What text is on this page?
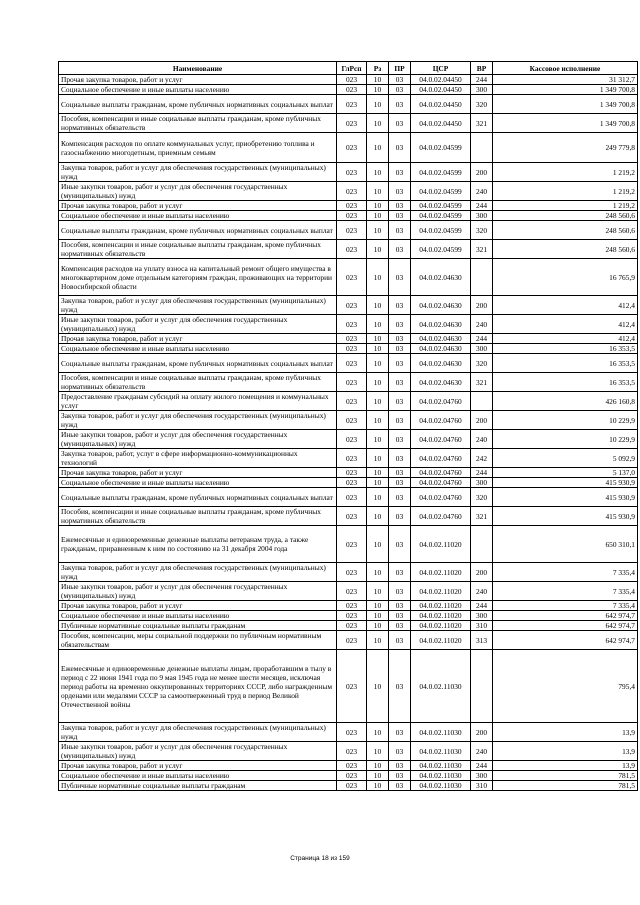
Наименование	ГлРсп	Рз	ПР	ЦСР	ВР	Кассовое исполнение
Прочая закупка товаров, работ и услуг	023	10	03	04.0.02.04450	244	31 312,7
Социальное обеспечение и иные выплаты населению	023	10	03	04.0.02.04450	300	1 349 700,8
Социальные выплаты гражданам, кроме публичных нормативных социальных выплат	023	10	03	04.0.02.04450	320	1 349 700,8
Пособия, компенсации и иные социальные выплаты гражданам, кроме публичных нормативных обязательств	023	10	03	04.0.02.04450	321	1 349 700,8
Компенсация расходов по оплате коммунальных услуг, приобретению топлива и газоснабжению многодетным, приемным семьям	023	10	03	04.0.02.04599		249 779,8
Закупка товаров, работ и услуг для обеспечения государственных (муниципальных) нужд	023	10	03	04.0.02.04599	200	1 219,2
Иные закупки товаров, работ и услуг для обеспечения государственных (муниципальных) нужд	023	10	03	04.0.02.04599	240	1 219,2
Прочая закупка товаров, работ и услуг	023	10	03	04.0.02.04599	244	1 219,2
Социальное обеспечение и иные выплаты населению	023	10	03	04.0.02.04599	300	248 560,6
Социальные выплаты гражданам, кроме публичных нормативных социальных выплат	023	10	03	04.0.02.04599	320	248 560,6
Пособия, компенсации и иные социальные выплаты гражданам, кроме публичных нормативных обязательств	023	10	03	04.0.02.04599	321	248 560,6
Компенсация расходов на уплату взноса на капитальный ремонт общего имущества в многоквартирном доме отдельным категориям граждан, проживающих на территории Новосибирской области	023	10	03	04.0.02.04630		16 765,9
Закупка товаров, работ и услуг для обеспечения государственных (муниципальных) нужд	023	10	03	04.0.02.04630	200	412,4
Иные закупки товаров, работ и услуг для обеспечения государственных (муниципальных) нужд	023	10	03	04.0.02.04630	240	412,4
Прочая закупка товаров, работ и услуг	023	10	03	04.0.02.04630	244	412,4
Социальное обеспечение и иные выплаты населению	023	10	03	04.0.02.04630	300	16 353,5
Социальные выплаты гражданам, кроме публичных нормативных социальных выплат	023	10	03	04.0.02.04630	320	16 353,5
Пособия, компенсации и иные социальные выплаты гражданам, кроме публичных нормативных обязательств	023	10	03	04.0.02.04630	321	16 353,5
Предоставление гражданам субсидий на оплату жилого помещения и коммунальных услуг	023	10	03	04.0.02.04760		426 160,8
Закупка товаров, работ и услуг для обеспечения государственных (муниципальных) нужд	023	10	03	04.0.02.04760	200	10 229,9
Иные закупки товаров, работ и услуг для обеспечения государственных (муниципальных) нужд	023	10	03	04.0.02.04760	240	10 229,9
Закупка товаров, работ, услуг в сфере информационно-коммуникационных технологий	023	10	03	04.0.02.04760	242	5 092,9
Прочая закупка товаров, работ и услуг	023	10	03	04.0.02.04760	244	5 137,0
Социальное обеспечение и иные выплаты населению	023	10	03	04.0.02.04760	300	415 930,9
Социальные выплаты гражданам, кроме публичных нормативных социальных выплат	023	10	03	04.0.02.04760	320	415 930,9
Пособия, компенсации и иные социальные выплаты гражданам, кроме публичных нормативных обязательств	023	10	03	04.0.02.04760	321	415 930,9
Ежемесячные и единовременные денежные выплаты ветеранам труда, а также гражданам, приравненным к ним по состоянию на 31 декабря 2004 года	023	10	03	04.0.02.11020		650 310,1
Закупка товаров, работ и услуг для обеспечения государственных (муниципальных) нужд	023	10	03	04.0.02.11020	200	7 335,4
Иные закупки товаров, работ и услуг для обеспечения государственных (муниципальных) нужд	023	10	03	04.0.02.11020	240	7 335,4
Прочая закупка товаров, работ и услуг	023	10	03	04.0.02.11020	244	7 335,4
Социальное обеспечение и иные выплаты населению	023	10	03	04.0.02.11020	300	642 974,7
Публичные нормативные социальные выплаты гражданам	023	10	03	04.0.02.11020	310	642 974,7
Пособия, компенсации, меры социальной поддержки по публичным нормативным обязательствам	023	10	03	04.0.02.11020	313	642 974,7
Ежемесячные и единовременные денежные выплаты лицам, проработавшим в тылу в период с 22 июня 1941 года по 9 мая 1945 года не менее шести месяцев, исключая период работы на временно оккупированных территориях СССР, либо награжденным орденами или медалями СССР за самоотверженный труд в период Великой Отечественной войны	023	10	03	04.0.02.11030		795,4
Закупка товаров, работ и услуг для обеспечения государственных (муниципальных) нужд	023	10	03	04.0.02.11030	200	13,9
Иные закупки товаров, работ и услуг для обеспечения государственных (муниципальных) нужд	023	10	03	04.0.02.11030	240	13,9
Прочая закупка товаров, работ и услуг	023	10	03	04.0.02.11030	244	13,9
Социальное обеспечение и иные выплаты населению	023	10	03	04.0.02.11030	300	781,5
Публичные нормативные социальные выплаты гражданам	023	10	03	04.0.02.11030	310	781,5
Страница 18 из 159
